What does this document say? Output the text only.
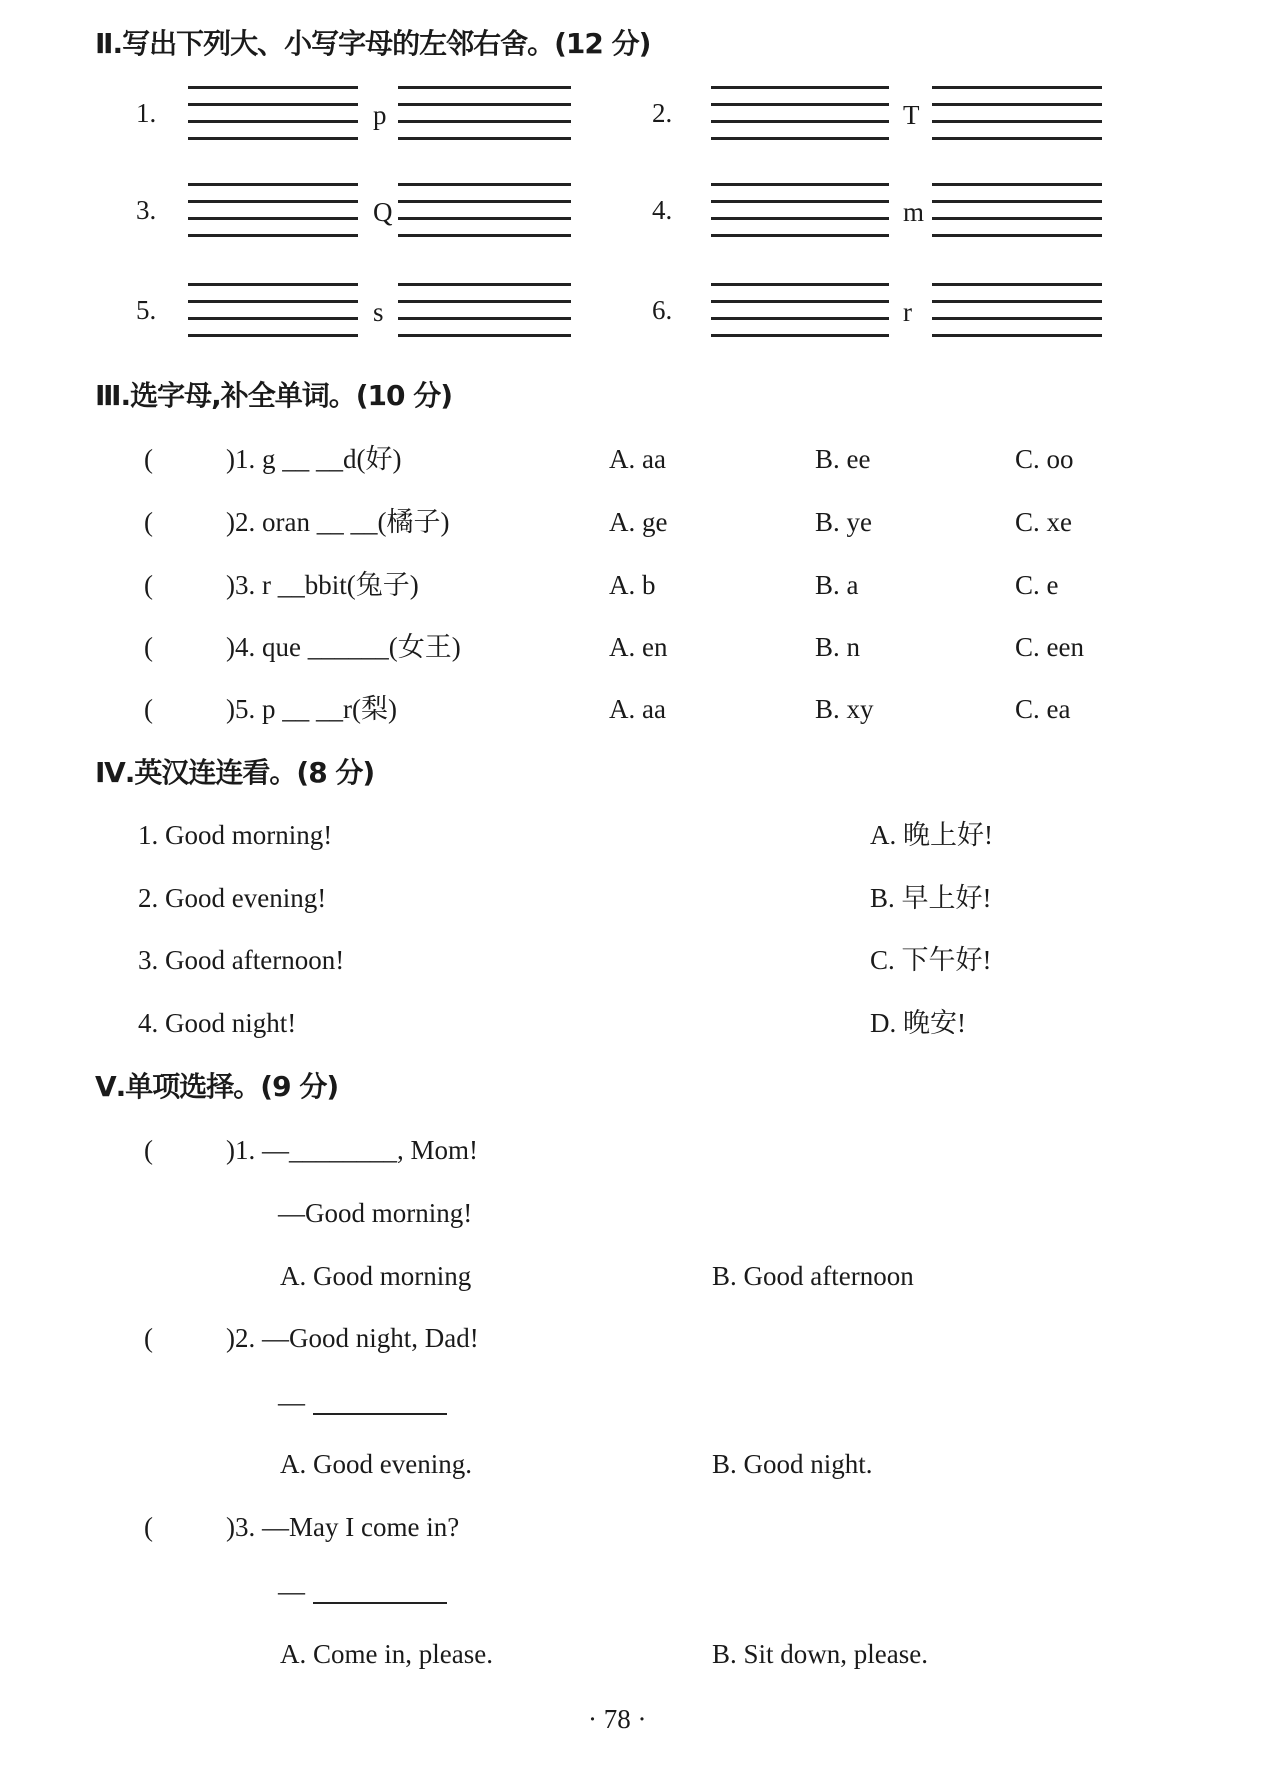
Ⅱ.写出下列大、小写字母的左邻右舍。(12 分)
1.	p	2.	T
3.	Q	4.	m
5.	s	6.	r
Ⅲ.选字母,补全单词。(10 分)
(	)1. g __ __d(好)	A. aa	B. ee	C. oo
(	)2. oran __ __(橘子)	A. ge	B. ye	C. xe
(	)3. r __bbit(兔子)	A. b	B. a	C. e
(	)4. que ______(女王)	A. en	B. n	C. een
(	)5. p __ __r(梨)	A. aa	B. xy	C. ea
Ⅳ.英汉连连看。(8 分)
1. Good morning!	A. 晚上好!
2. Good evening!	B. 早上好!
3. Good afternoon!	C. 下午好!
4. Good night!	D. 晚安!
Ⅴ.单项选择。(9 分)
(	)1. —________, Mom!
—Good morning!
A. Good morning	B. Good afternoon
(	)2. —Good night, Dad!
—
A. Good evening.	B. Good night.
(	)3. —May I come in?
—
A. Come in, please.	B. Sit down, please.
· 78 ·
